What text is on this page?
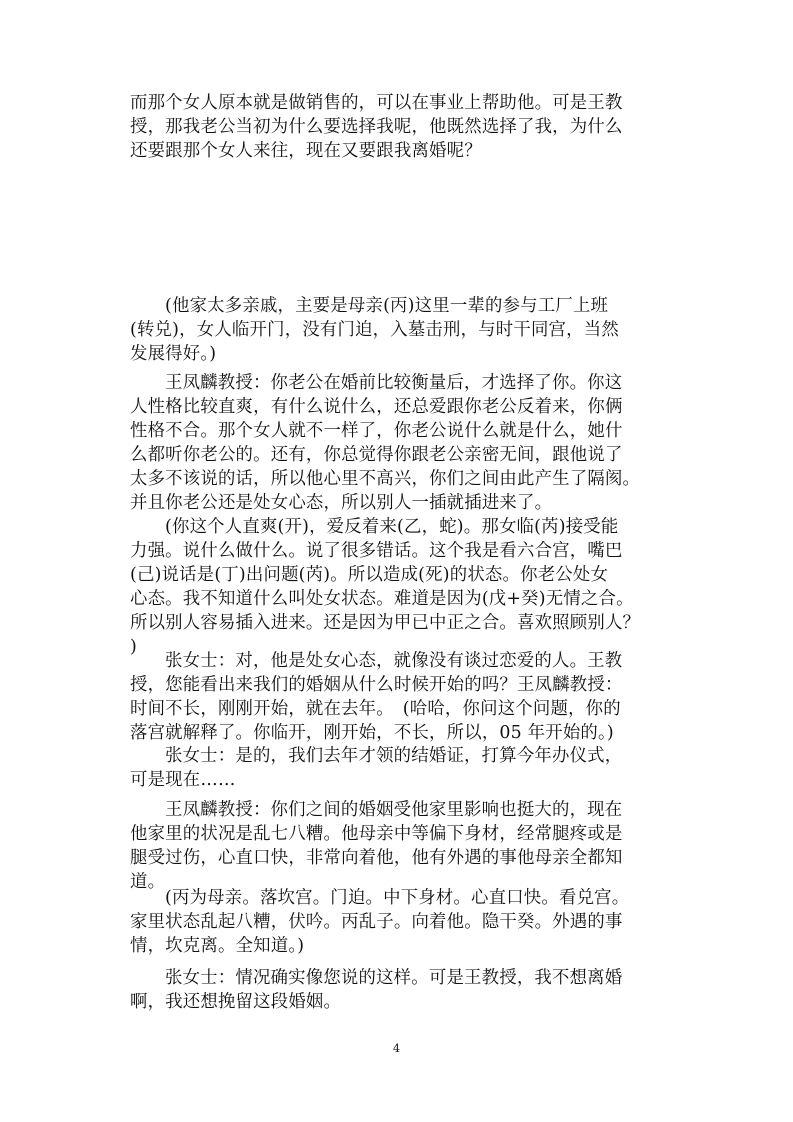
而那个女人原本就是做销售的，可以在事业上帮助他。可是王教
授，那我老公当初为什么要选择我呢，他既然选择了我，为什么
还要跟那个女人来往，现在又要跟我离婚呢？

(他家太多亲戚，主要是母亲(丙)这里一辈的参与工厂上班
(转兑)，女人临开门，没有门迫，入墓击刑，与时干同宫，当然
发展得好。)

王凤麟教授：你老公在婚前比较衡量后，才选择了你。你这
人性格比较直爽，有什么说什么，还总爱跟你老公反着来，你俩
性格不合。那个女人就不一样了，你老公说什么就是什么，她什
么都听你老公的。还有，你总觉得你跟老公亲密无间，跟他说了
太多不该说的话，所以他心里不高兴，你们之间由此产生了隔阂。
并且你老公还是处女心态，所以别人一插就插进来了。

(你这个人直爽(开)，爱反着来(乙，蛇)。那女临(芮)接受能
力强。说什么做什么。说了很多错话。这个我是看六合宫，嘴巴
(己)说话是(丁)出问题(芮)。所以造成(死)的状态。你老公处女
心态。我不知道什么叫处女状态。难道是因为(戊+癸)无情之合。
所以别人容易插入进来。还是因为甲已中正之合。喜欢照顾别人？
)

张女士：对，他是处女心态，就像没有谈过恋爱的人。王教
授，您能看出来我们的婚姻从什么时候开始的吗？王凤麟教授：
时间不长，刚刚开始，就在去年。　(哈哈，你问这个问题，你的
落宫就解释了。你临开，刚开始，不长，所以，05 年开始的。)

张女士：是的，我们去年才领的结婚证，打算今年办仪式，
可是现在……

王凤麟教授：你们之间的婚姻受他家里影响也挺大的，现在
他家里的状况是乱七八糟。他母亲中等偏下身材，经常腿疼或是
腿受过伤，心直口快，非常向着他，他有外遇的事他母亲全都知
道。

(丙为母亲。落坎宫。门迫。中下身材。心直口快。看兑宫。
家里状态乱起八糟，伏吟。丙乱子。向着他。隐干癸。外遇的事
情，坎克离。全知道。)

张女士：情况确实像您说的这样。可是王教授，我不想离婚
啊，我还想挽留这段婚姻。

4
